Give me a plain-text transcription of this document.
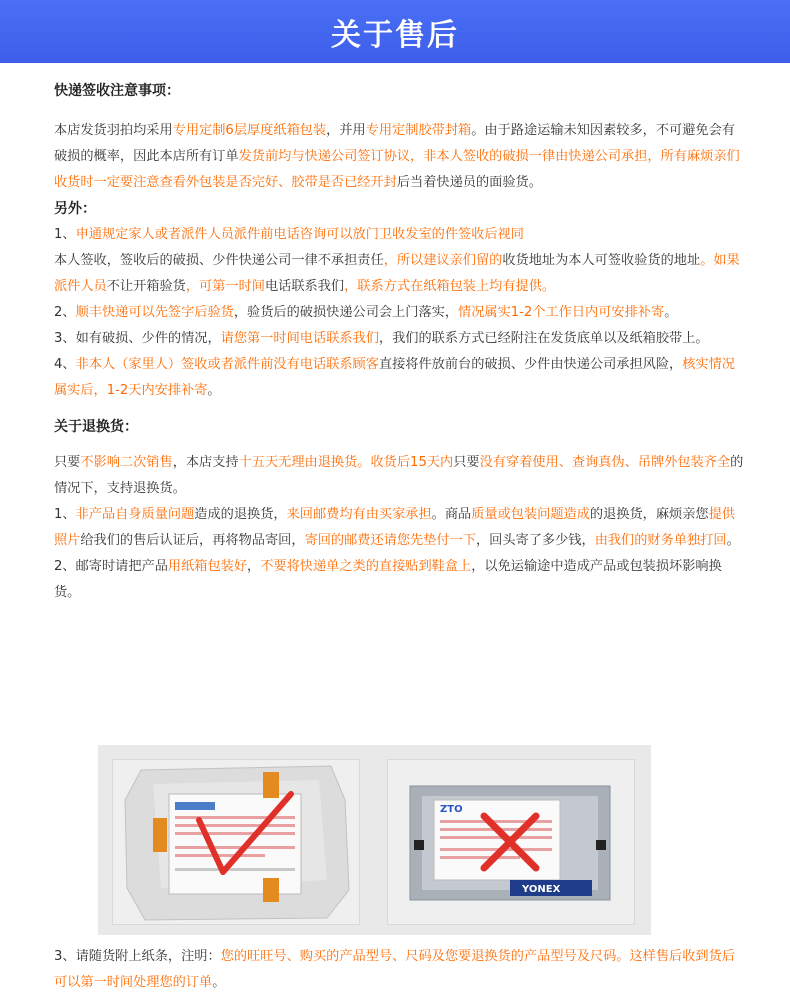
关于售后

快递签收注意事项：

本店发货羽拍均采用专用定制6层厚度纸箱包装，并用专用定制胶带封箱。由于路途运输未知因素较多，不可避免会有破损的概率，因此本店所有订单发货前均与快递公司签订协议，非本人签收的破损一律由快递公司承担，所有麻烦亲们收货时一定要注意查看外包装是否完好、胶带是否已经开封后当着快递员的面验货。

另外：

1、申通规定家人或者派件人员派件前电话咨询可以放门卫收发室的件签收后视同

本人签收，签收后的破损、少件快递公司一律不承担责任，所以建议亲们留的收货地址为本人可签收验货的地址。如果派件人员不让开箱验货，可第一时间电话联系我们，联系方式在纸箱包装上均有提供。

2、顺丰快递可以先签字后验货，验货后的破损快递公司会上门落实，情况属实1-2个工作日内可安排补寄。

3、如有破损、少件的情况，请您第一时间电话联系我们，我们的联系方式已经附注在发货底单以及纸箱胶带上。

4、非本人（家里人）签收或者派件前没有电话联系顾客直接将件放前台的破损、少件由快递公司承担风险，核实情况属实后，1-2天内安排补寄。

关于退换货：

只要不影响二次销售，本店支持十五天无理由退换货。收货后15天内只要没有穿着使用、查询真伪、吊牌外包装齐全的情况下，支持退换货。

1、非产品自身质量问题造成的退换货，来回邮费均有由买家承担。商品质量或包装问题造成的退换货，麻烦亲您提供照片给我们的售后认证后，再将物品寄回，寄回的邮费还请您先垫付一下，回头寄了多少钱，由我们的财务单独打回。

2、邮寄时请把产品用纸箱包装好，不要将快递单之类的直接贴到鞋盒上，以免运输途中造成产品或包装损坏影响换货。

ZTO
YONEX

3、请随货附上纸条，注明：您的旺旺号、购买的产品型号、尺码及您要退换货的产品型号及尺码。这样售后收到货后可以第一时间处理您的订单。
